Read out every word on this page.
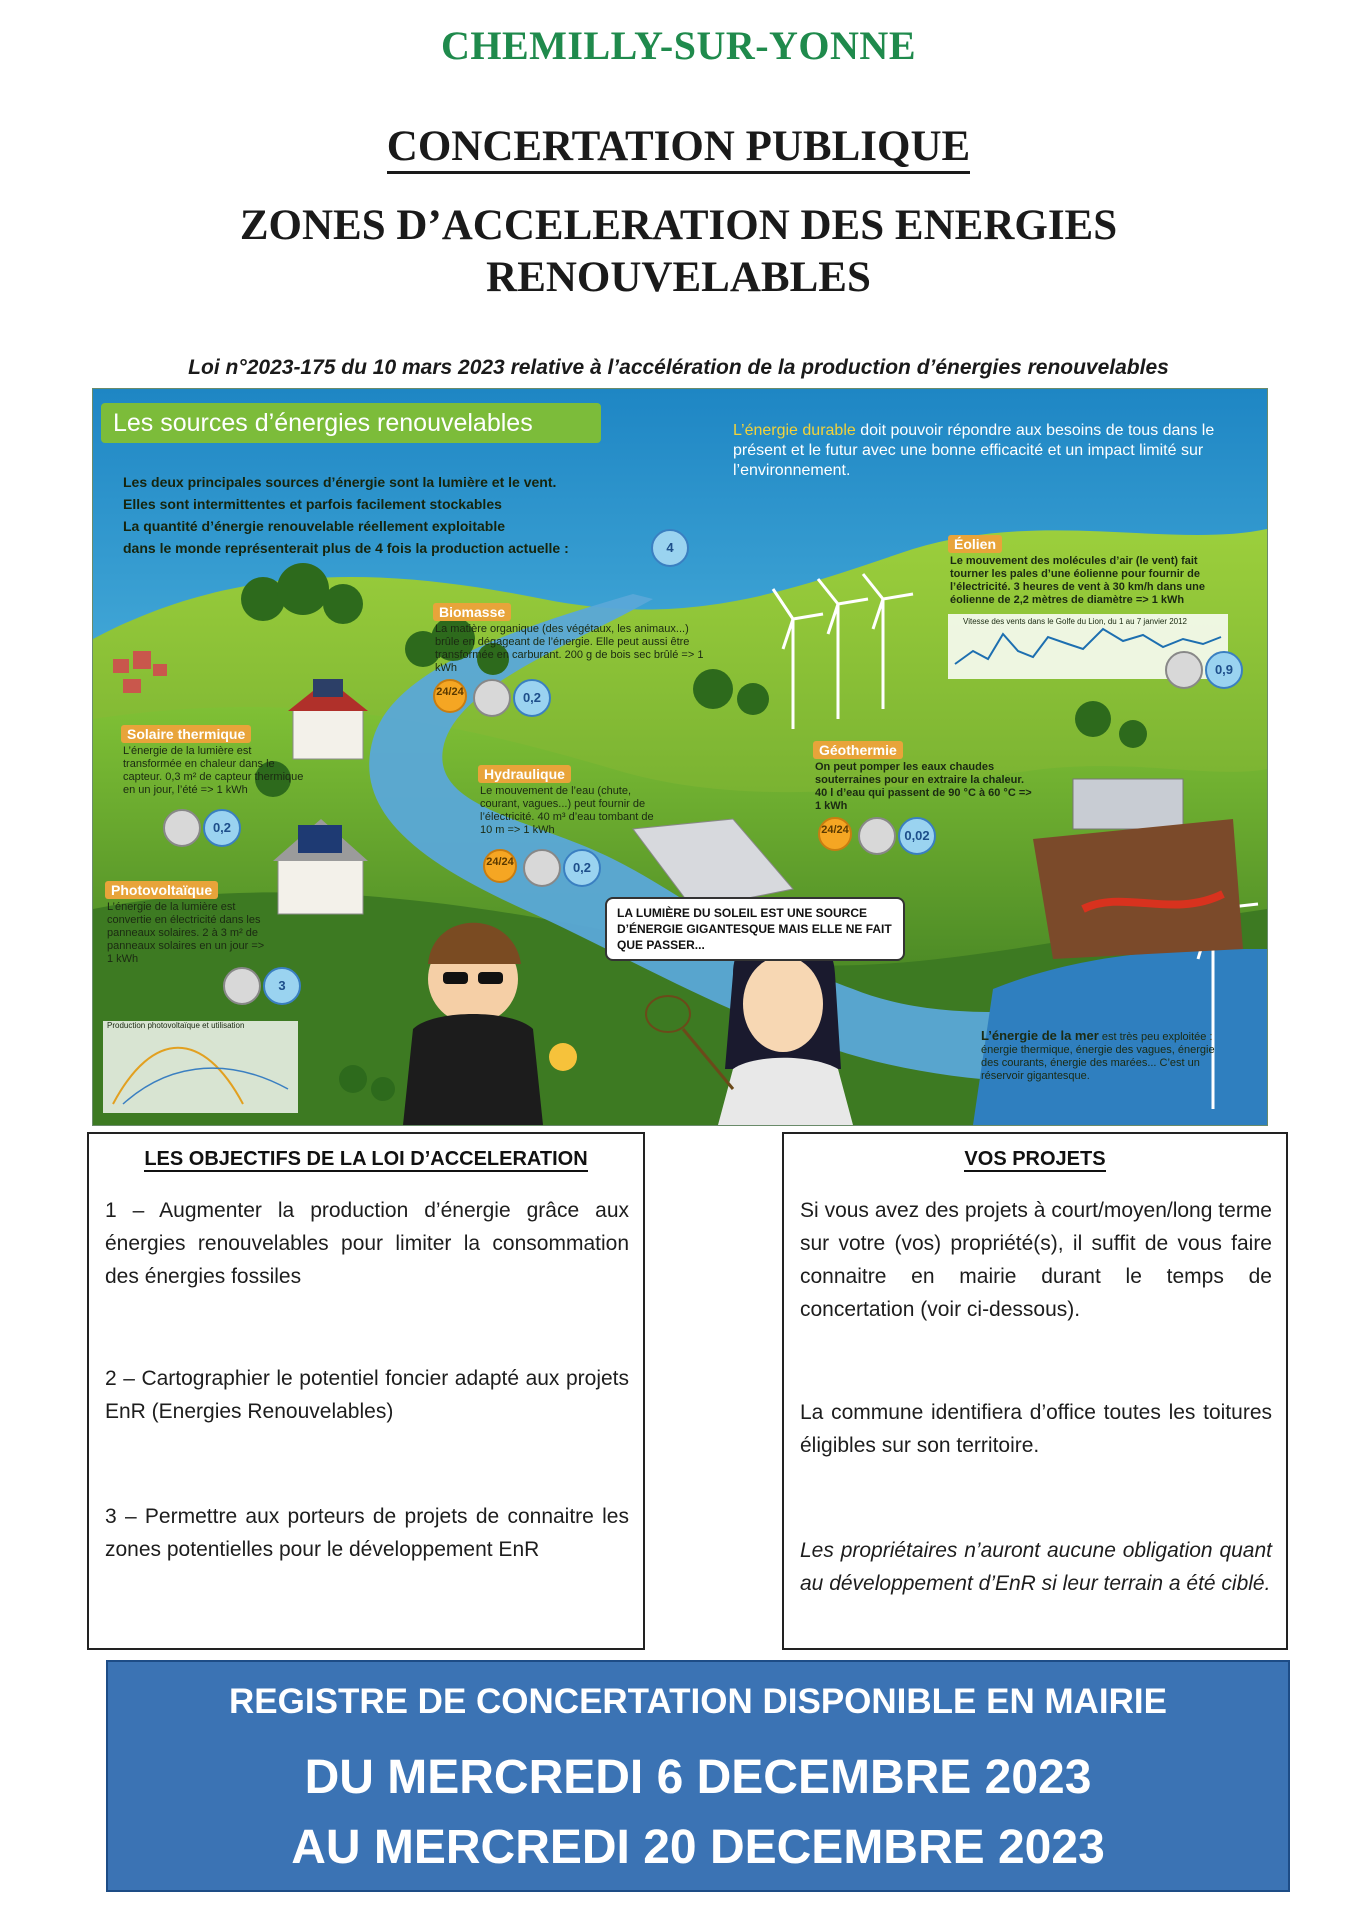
CHEMILLY-SUR-YONNE
CONCERTATION PUBLIQUE
ZONES D’ACCELERATION DES ENERGIES
RENOUVELABLES
Loi n°2023-175 du 10 mars 2023 relative à l’accélération de la production d’énergies renouvelables
Les sources d’énergies renouvelables
Les deux principales sources d’énergie sont la lumière et le vent.
Elles sont intermittentes et parfois facilement stockables
La quantité d’énergie renouvelable réellement exploitable
dans le monde représenterait plus de 4 fois la production actuelle :	4
L’énergie durable doit pouvoir répondre aux besoins de tous dans le présent et le futur avec une bonne efficacité et un impact limité sur l’environnement.
Biomasse
La matière organique (des végétaux, les animaux...) brûle en dégageant de l’énergie. Elle peut aussi être transformée en carburant. 200 g de bois sec brûlé => 1 kWh
24/24	0,2
Éolien
Le mouvement des molécules d’air (le vent) fait tourner les pales d’une éolienne pour fournir de l’électricité. 3 heures de vent à 30 km/h dans une éolienne de 2,2 mètres de diamètre => 1 kWh
Vitesse des vents dans le Golfe du Lion, du 1 au 7 janvier 2012
0,9
Solaire thermique
L’énergie de la lumière est transformée en chaleur dans le capteur. 0,3 m² de capteur thermique en un jour, l’été => 1 kWh
0,2
Hydraulique
Le mouvement de l’eau (chute, courant, vagues...) peut fournir de l’électricité. 40 m³ d’eau tombant de 10 m => 1 kWh
24/24	0,2
Géothermie
On peut pomper les eaux chaudes souterraines pour en extraire la chaleur. 40 l d’eau qui passent de 90 °C à 60 °C => 1 kWh
24/24	0,02
Photovoltaïque
L’énergie de la lumière est convertie en électricité dans les panneaux solaires. 2 à 3 m² de panneaux solaires en un jour => 1 kWh
3
Production photovoltaïque et utilisation
L’énergie de la mer est très peu exploitée : énergie thermique, énergie des vagues, énergie des courants, énergie des marées... C’est un réservoir gigantesque.
LA LUMIÈRE DU SOLEIL EST UNE SOURCE D’ÉNERGIE GIGANTESQUE MAIS ELLE NE FAIT QUE PASSER...
LES OBJECTIFS DE LA LOI D’ACCELERATION
1 – Augmenter la production d’énergie grâce aux énergies renouvelables pour limiter la consommation des énergies fossiles
2 – Cartographier le potentiel foncier adapté aux projets EnR (Energies Renouvelables)
3 – Permettre aux porteurs de projets de connaitre les zones potentielles pour le développement EnR
VOS PROJETS
Si vous avez des projets à court/moyen/long terme sur votre (vos) propriété(s), il suffit de vous faire connaitre en mairie durant le temps de concertation (voir ci-dessous).
La commune identifiera d’office toutes les toitures éligibles sur son territoire.
Les propriétaires n’auront aucune obligation quant au développement d’EnR si leur terrain a été ciblé.
REGISTRE DE CONCERTATION DISPONIBLE EN MAIRIE
DU MERCREDI 6 DECEMBRE 2023
AU MERCREDI 20 DECEMBRE 2023
